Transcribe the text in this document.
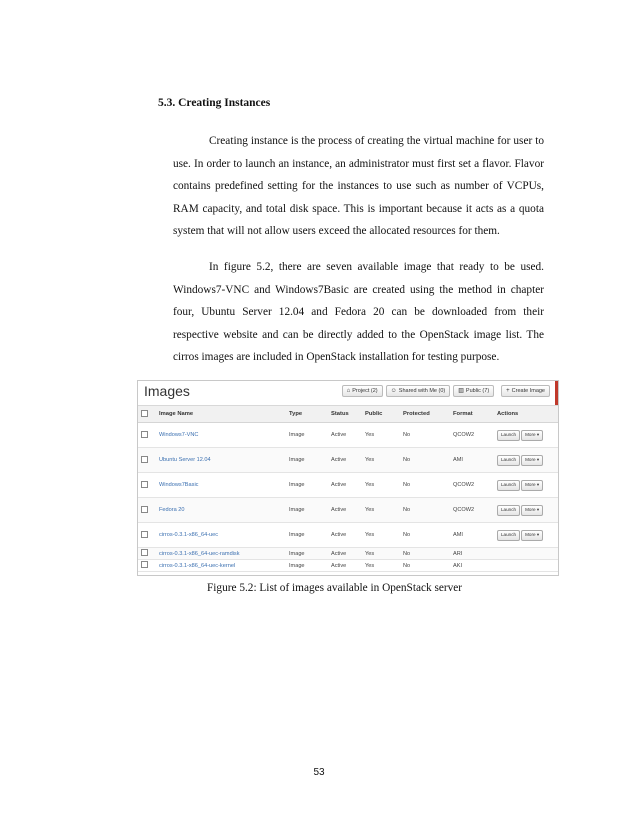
5.3. Creating Instances

Creating instance is the process of creating the virtual machine for user to use. In order to launch an instance, an administrator must first set a flavor. Flavor contains predefined setting for the instances to use such as number of VCPUs, RAM capacity, and total disk space. This is important because it acts as a quota system that will not allow users exceed the allocated resources for them.

In figure 5.2, there are seven available image that ready to be used. Windows7-VNC and Windows7Basic are created using the method in chapter four, Ubuntu Server 12.04 and Fedora 20 can be downloaded from their respective website and can be directly added to the OpenStack image list. The cirros images are included in OpenStack installation for testing purpose.

Images	⌂ Project (2) ☺ Shared with Me (0) ▥ Public (7)	+ Create Image
	Image Name	Type	Status	Public	Protected	Format	Actions
	Windows7-VNC	Image	Active	Yes	No	QCOW2	Launch More ▾

	Ubuntu Server 12.04	Image	Active	Yes	No	AMI	Launch More ▾

	Windows7Basic	Image	Active	Yes	No	QCOW2	Launch More ▾

	Fedora 20	Image	Active	Yes	No	QCOW2	Launch More ▾

	cirros-0.3.1-x86_64-uec	Image	Active	Yes	No	AMI	Launch More ▾

	cirros-0.3.1-x86_64-uec-ramdisk	Image	Active	Yes	No	ARI	
	cirros-0.3.1-x86_64-uec-kernel	Image	Active	Yes	No	AKI	
Figure 5.2: List of images available in OpenStack server
53
